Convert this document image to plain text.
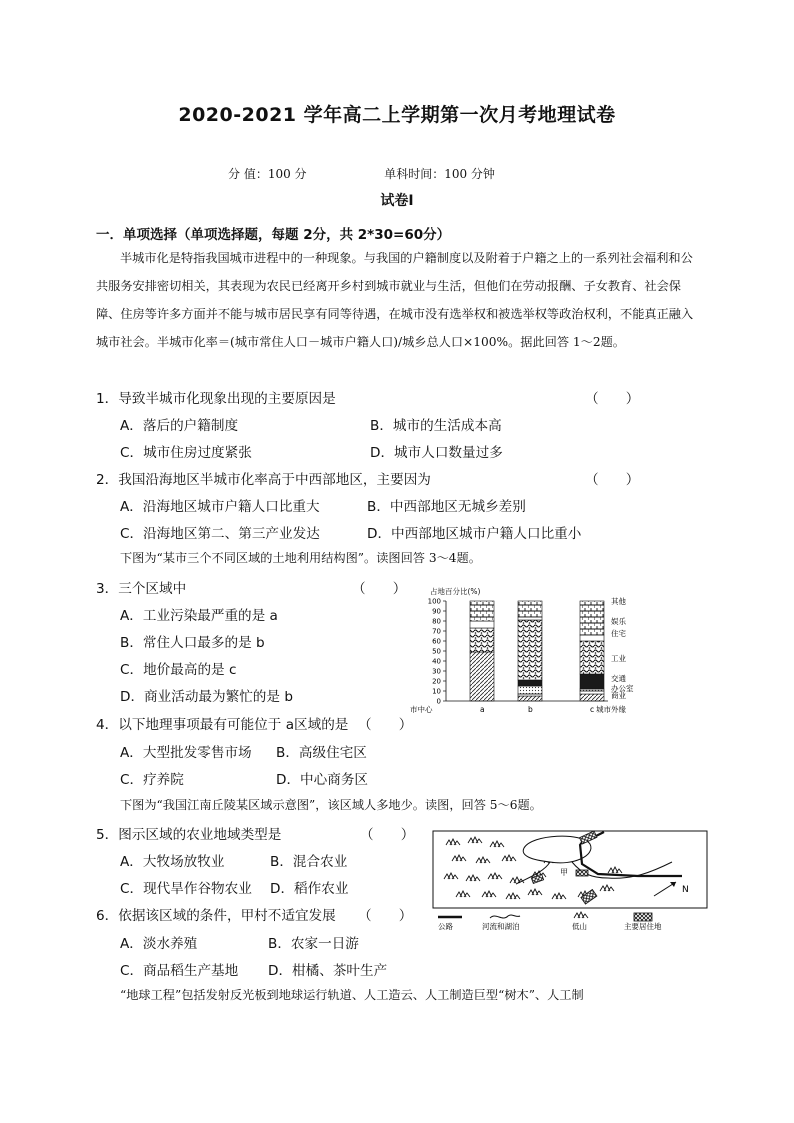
2020-2021 学年高二上学期第一次月考地理试卷
分 值：100 分	单科时间：100 分钟
试卷Ⅰ
一．单项选择（单项选择题，每题 2分，共 2*30=60分）
半城市化是特指我国城市进程中的一种现象。与我国的户籍制度以及附着于户籍之上的一系列社会福利和公共服务安排密切相关，其表现为农民已经离开乡村到城市就业与生活，但他们在劳动报酬、子女教育、社会保障、住房等许多方面并不能与城市居民享有同等待遇，在城市没有选举权和被选举权等政治权利，不能真正融入城市社会。半城市化率＝(城市常住人口－城市户籍人口)/城乡总人口×100%。据此回答 1～2题。
1．导致半城市化现象出现的主要原因是	（　　）
A．落后的户籍制度	B．城市的生活成本高
C．城市住房过度紧张	D．城市人口数量过多
2．我国沿海地区半城市化率高于中西部地区，主要因为	（　　）
A．沿海地区城市户籍人口比重大	B．中西部地区无城乡差别
C．沿海地区第二、第三产业发达	D．中西部地区城市户籍人口比重小
下图为“某市三个不同区域的土地利用结构图”。读图回答 3～4题。
3．三个区域中	（　　）
A．工业污染最严重的是 a
B．常住人口最多的是 b
C．地价最高的是 c
D．商业活动最为繁忙的是 b
占地百分比(%)
0
10
20
30
40
50
60
70
80
90
100
a	b	c
市中心	城市外缘
其他
娱乐
住宅
工业
交通
办公室
商业
4．以下地理事项最有可能位于 a区域的是 （　　）
A．大型批发零售市场 B．高级住宅区
C．疗养院	D．中心商务区
下图为“我国江南丘陵某区域示意图”，该区域人多地少。读图，回答 5～6题。
5．图示区域的农业地域类型是	（　　）
A．大牧场放牧业	B．混合农业
C．现代旱作谷物农业 D．稻作农业
6．依据该区域的条件，甲村不适宜发展 （　　）
A．淡水养殖	B．农家一日游
C．商品稻生产基地 D．柑橘、茶叶生产
甲
N
公路	河流和湖泊	低山	主要居住地
“地球工程”包括发射反光板到地球运行轨道、人工造云、人工制造巨型“树木”、人工制
